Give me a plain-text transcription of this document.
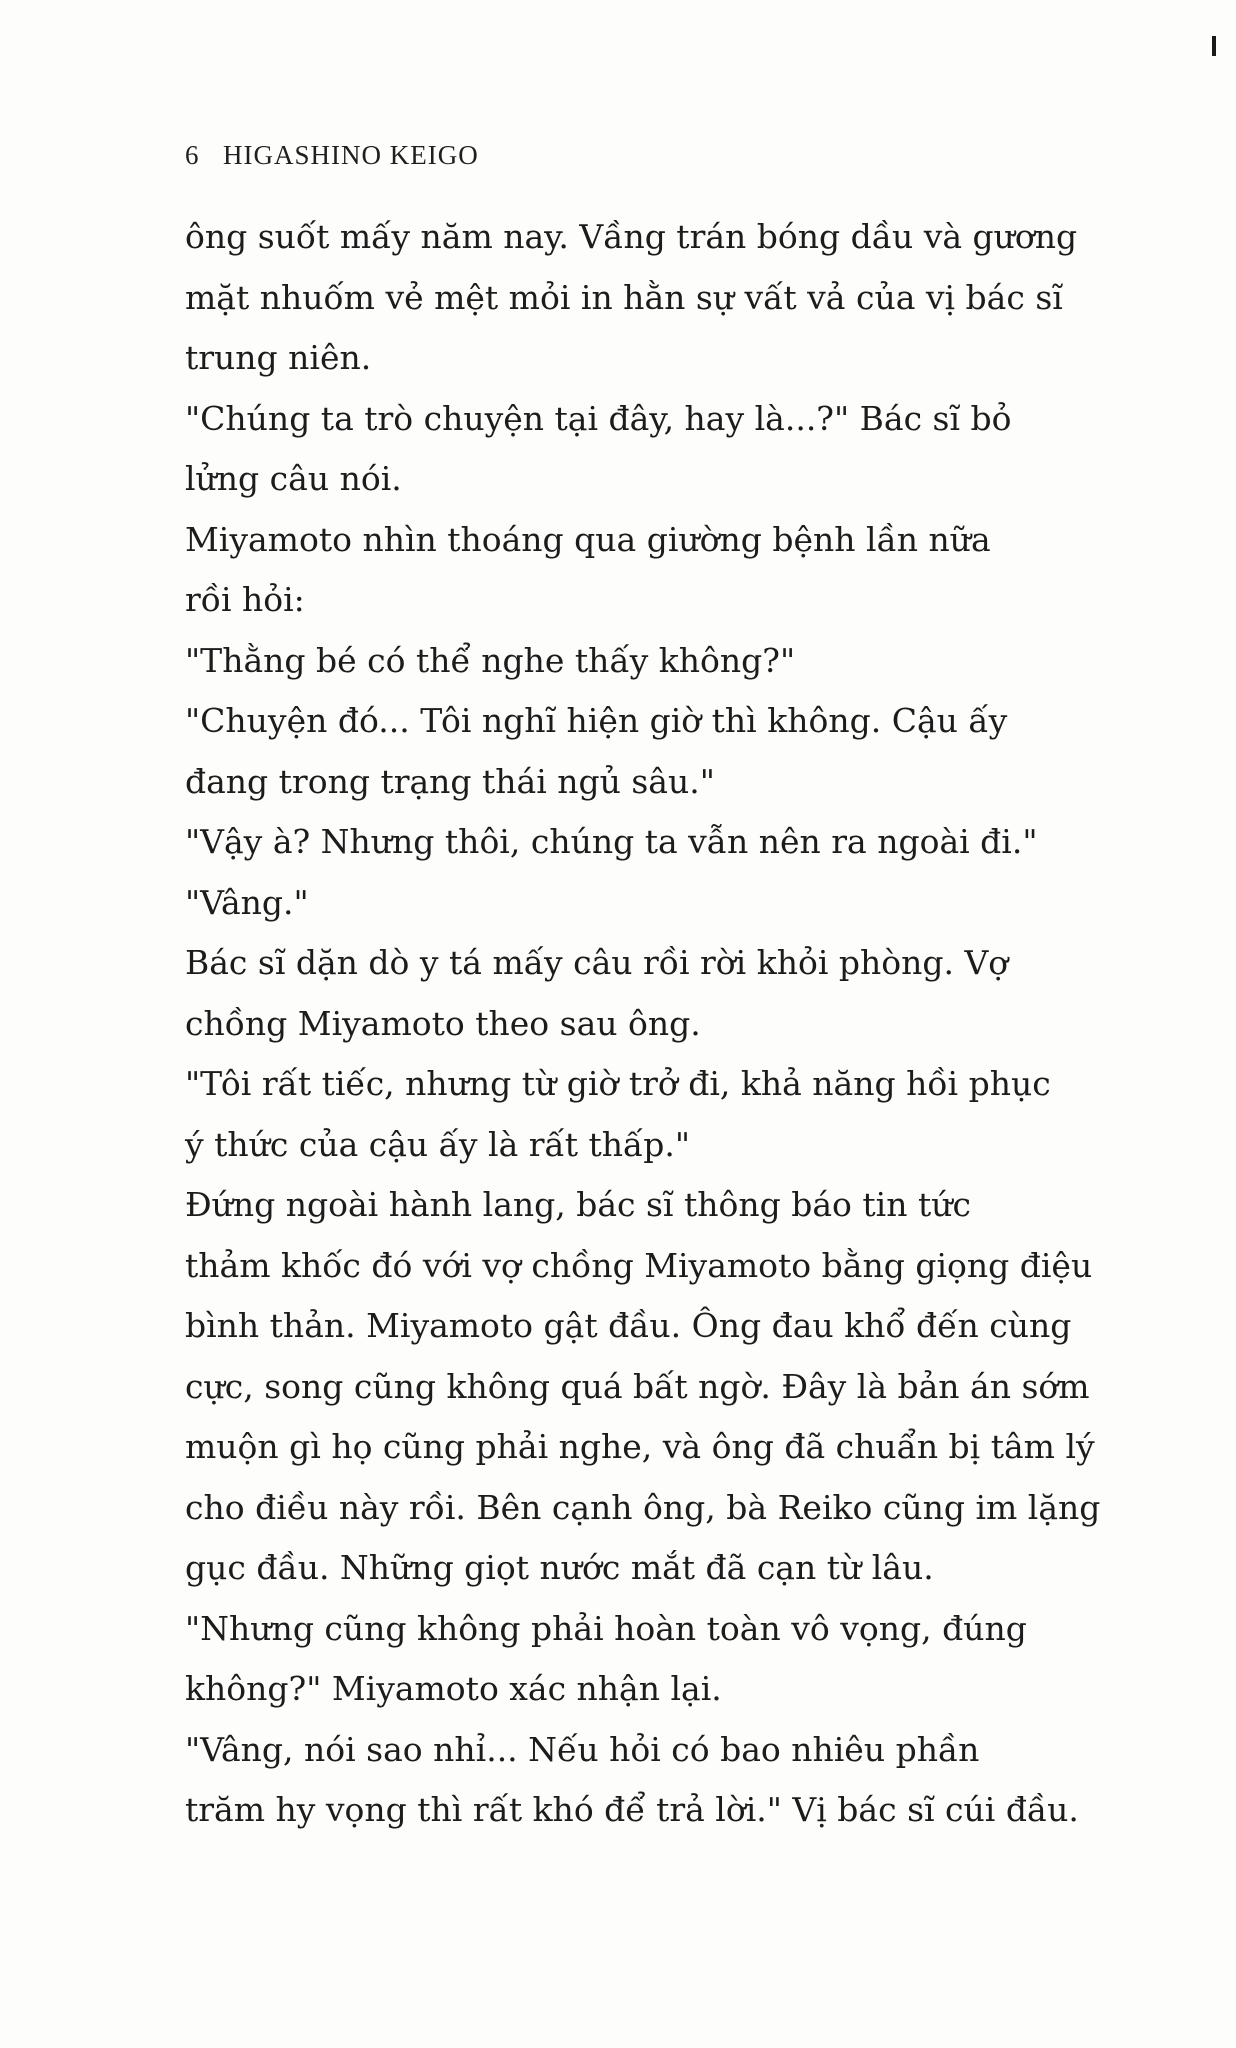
6 HIGASHINO KEIGO

ông suốt mấy năm nay. Vầng trán bóng dầu và gương
mặt nhuốm vẻ mệt mỏi in hằn sự vất vả của vị bác sĩ
trung niên.

"Chúng ta trò chuyện tại đây, hay là...?" Bác sĩ bỏ
lửng câu nói.

Miyamoto nhìn thoáng qua giường bệnh lần nữa
rồi hỏi:

"Thằng bé có thể nghe thấy không?"

"Chuyện đó... Tôi nghĩ hiện giờ thì không. Cậu ấy
đang trong trạng thái ngủ sâu."

"Vậy à? Nhưng thôi, chúng ta vẫn nên ra ngoài đi."

"Vâng."

Bác sĩ dặn dò y tá mấy câu rồi rời khỏi phòng. Vợ
chồng Miyamoto theo sau ông.

"Tôi rất tiếc, nhưng từ giờ trở đi, khả năng hồi phục
ý thức của cậu ấy là rất thấp."

Đứng ngoài hành lang, bác sĩ thông báo tin tức
thảm khốc đó với vợ chồng Miyamoto bằng giọng điệu
bình thản. Miyamoto gật đầu. Ông đau khổ đến cùng
cực, song cũng không quá bất ngờ. Đây là bản án sớm
muộn gì họ cũng phải nghe, và ông đã chuẩn bị tâm lý
cho điều này rồi. Bên cạnh ông, bà Reiko cũng im lặng
gục đầu. Những giọt nước mắt đã cạn từ lâu.

"Nhưng cũng không phải hoàn toàn vô vọng, đúng
không?" Miyamoto xác nhận lại.

"Vâng, nói sao nhỉ... Nếu hỏi có bao nhiêu phần
trăm hy vọng thì rất khó để trả lời." Vị bác sĩ cúi đầu.
